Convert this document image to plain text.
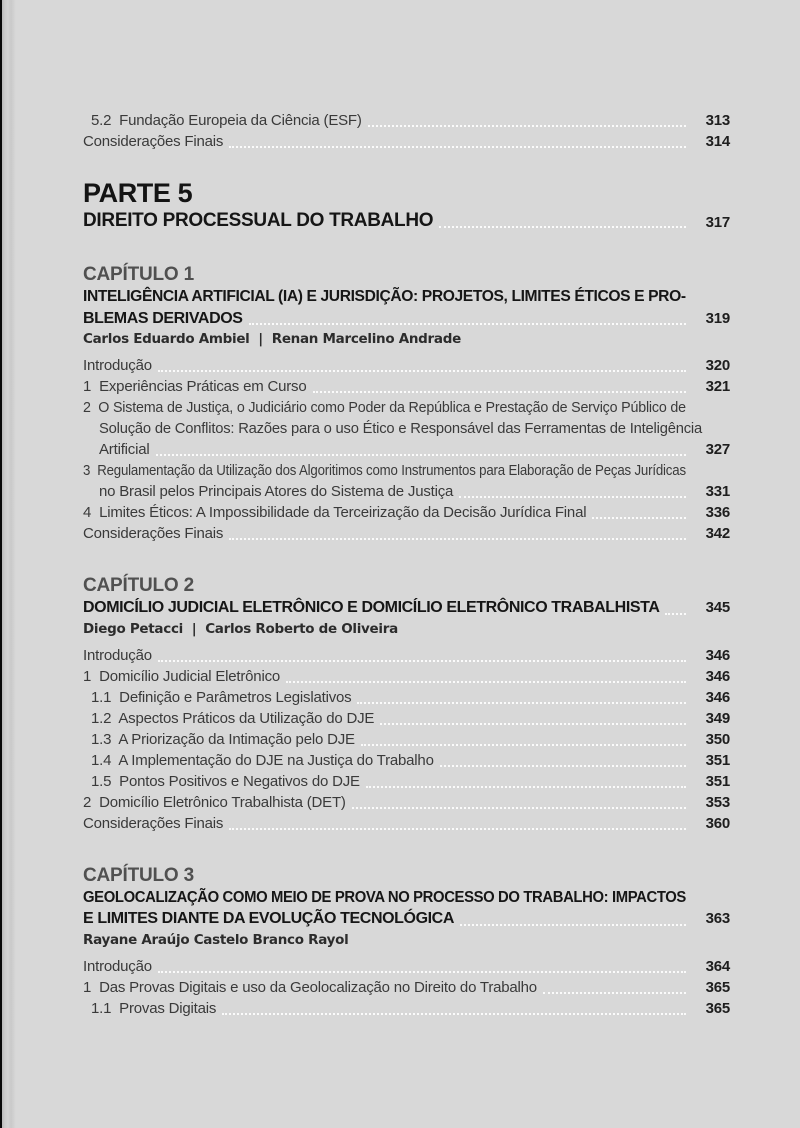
5.2  Fundação Europeia da Ciência (ESF)	313
Considerações Finais	314
PARTE 5
DIREITO PROCESSUAL DO TRABALHO	317
CAPÍTULO 1
INTELIGÊNCIA ARTIFICIAL (IA) E JURISDIÇÃO: PROJETOS, LIMITES ÉTICOS E PRO-
BLEMAS DERIVADOS	319
Carlos Eduardo Ambiel  |  Renan Marcelino Andrade
Introdução	320
1  Experiências Práticas em Curso	321
2  O Sistema de Justiça, o Judiciário como Poder da República e Prestação de Serviço Público de
Solução de Conflitos: Razões para o uso Ético e Responsável das Ferramentas de Inteligência
Artificial	327
3  Regulamentação da Utilização dos Algoritimos como Instrumentos para Elaboração de Peças Jurídicas
no Brasil pelos Principais Atores do Sistema de Justiça	331
4  Limites Éticos: A Impossibilidade da Terceirização da Decisão Jurídica Final	336
Considerações Finais	342
CAPÍTULO 2
DOMICÍLIO JUDICIAL ELETRÔNICO E DOMICÍLIO ELETRÔNICO TRABALHISTA	345
Diego Petacci  |  Carlos Roberto de Oliveira
Introdução	346
1  Domicílio Judicial Eletrônico	346
1.1  Definição e Parâmetros Legislativos	346
1.2  Aspectos Práticos da Utilização do DJE	349
1.3  A Priorização da Intimação pelo DJE	350
1.4  A Implementação do DJE na Justiça do Trabalho	351
1.5  Pontos Positivos e Negativos do DJE	351
2  Domicílio Eletrônico Trabalhista (DET)	353
Considerações Finais	360
CAPÍTULO 3
GEOLOCALIZAÇÃO COMO MEIO DE PROVA NO PROCESSO DO TRABALHO: IMPACTOS
E LIMITES DIANTE DA EVOLUÇÃO TECNOLÓGICA	363
Rayane Araújo Castelo Branco Rayol
Introdução	364
1  Das Provas Digitais e uso da Geolocalização no Direito do Trabalho	365
1.1  Provas Digitais	365
